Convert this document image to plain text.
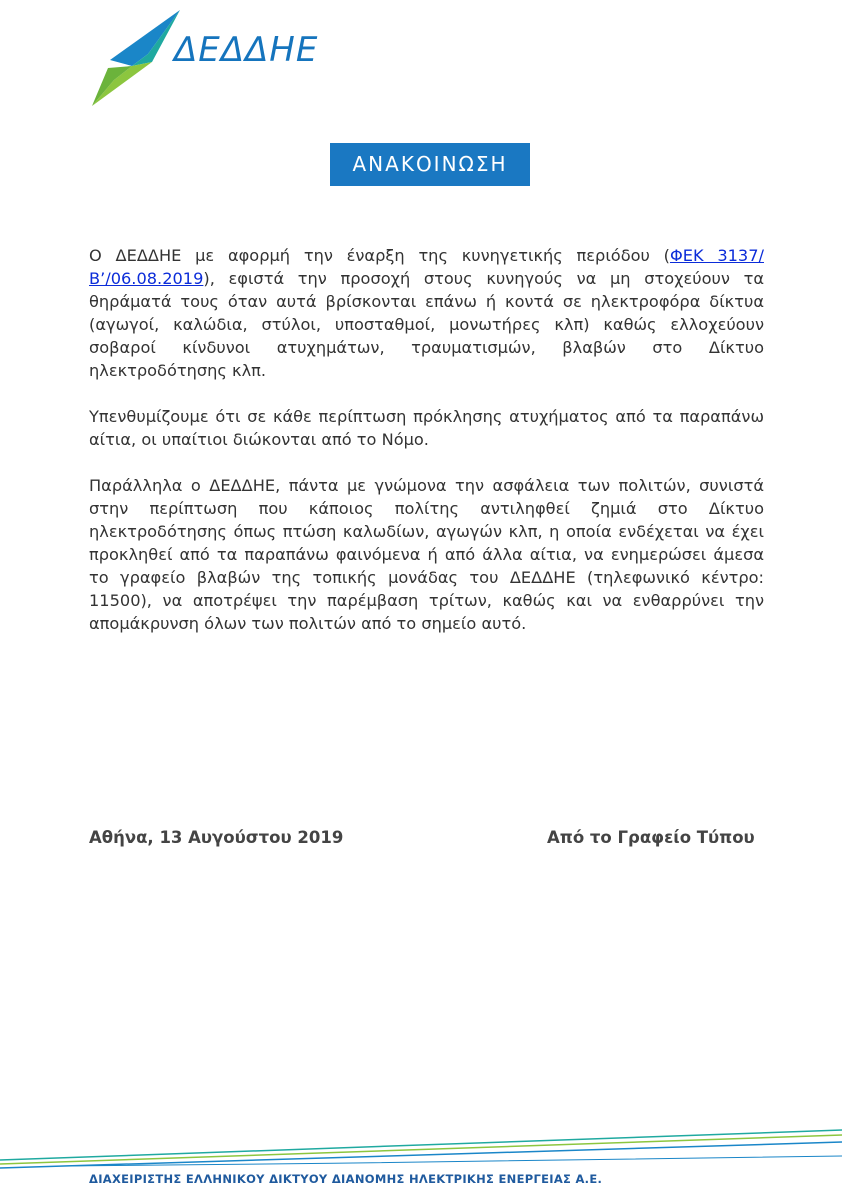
ΔΕΔΔΗΕ
ΑΝΑΚΟΙΝΩΣΗ

Ο ΔΕΔΔΗΕ με αφορμή την έναρξη της κυνηγετικής περιόδου (ΦΕΚ 3137/Β’/06.08.2019), εφιστά την προσοχή στους κυνηγούς να μη στοχεύουν τα θηράματά τους όταν αυτά βρίσκονται επάνω ή κοντά σε ηλεκτροφόρα δίκτυα (αγωγοί, καλώδια, στύλοι, υποσταθμοί, μονωτήρες κλπ) καθώς ελλοχεύουν σοβαροί κίνδυνοι ατυχημάτων, τραυματισμών, βλαβών στο Δίκτυο ηλεκτροδότησης κλπ.

Υπενθυμίζουμε ότι σε κάθε περίπτωση πρόκλησης ατυχήματος από τα παραπάνω αίτια, οι υπαίτιοι διώκονται από το Νόμο.

Παράλληλα ο ΔΕΔΔΗΕ, πάντα με γνώμονα την ασφάλεια των πολιτών, συνιστά στην περίπτωση που κάποιος πολίτης αντιληφθεί ζημιά στο Δίκτυο ηλεκτροδότησης όπως πτώση καλωδίων, αγωγών κλπ, η οποία ενδέχεται να έχει προκληθεί από τα παραπάνω φαινόμενα ή από άλλα αίτια, να ενημερώσει άμεσα το γραφείο βλαβών της τοπικής μονάδας του ΔΕΔΔΗΕ (τηλεφωνικό κέντρο: 11500), να αποτρέψει την παρέμβαση τρίτων, καθώς και να ενθαρρύνει την απομάκρυνση όλων των πολιτών από το σημείο αυτό.

Αθήνα, 13 Αυγούστου 2019	Από το Γραφείο Τύπου
ΔΙΑΧΕΙΡΙΣΤΗΣ ΕΛΛΗΝΙΚΟΥ ΔΙΚΤΥΟΥ ΔΙΑΝΟΜΗΣ ΗΛΕΚΤΡΙΚΗΣ ΕΝΕΡΓΕΙΑΣ Α.Ε.
